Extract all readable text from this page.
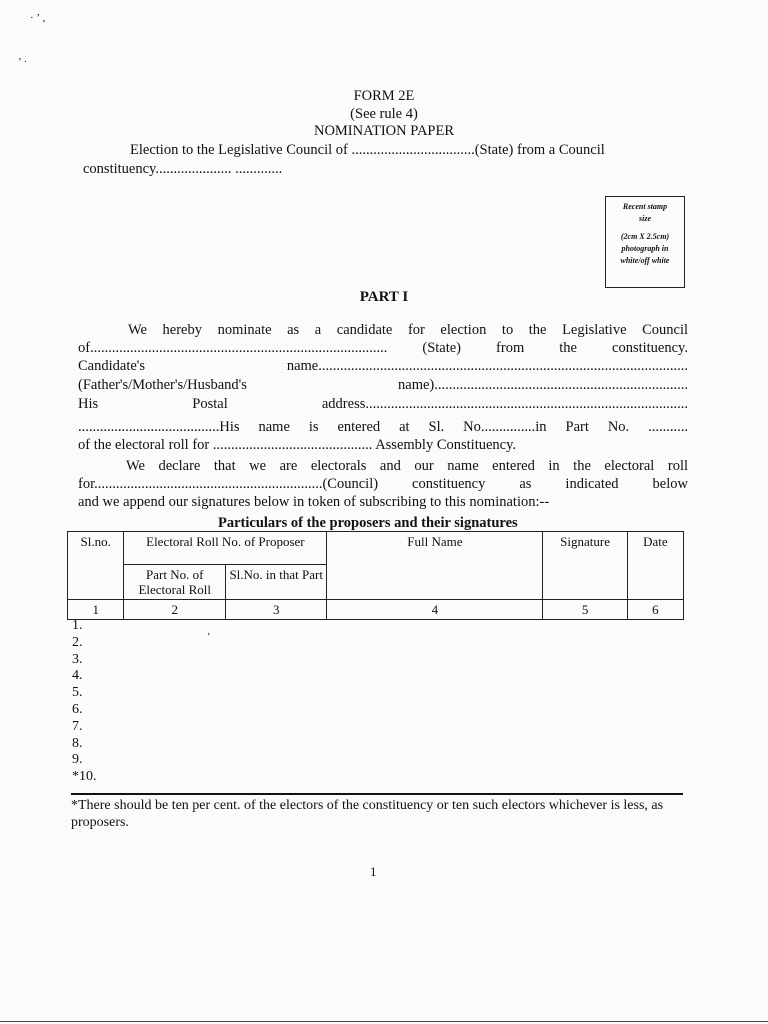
· ’ ‚
’ ·
FORM 2E
(See rule 4)
NOMINATION PAPER
Election to the Legislative Council of ..................................(State) from a Council
constituency..................... .............
Recent stamp size
(2cm X 2.5cm) photograph in white/off white
PART I
We hereby nominate as a candidate for election to the Legislative Council
of.................................................................................. (State) from the constituency.
Candidate's name......................................................................................................
(Father's/Mother's/Husband's name)......................................................................
His Postal address.........................................................................................
.......................................His name is entered at Sl. No...............in Part No. ...........
of the electoral roll for ............................................ Assembly Constituency.
We declare that we are electorals and our name entered in the electoral roll
for...............................................................(Council) constituency as indicated below
and we append our signatures below in token of subscribing to this nomination:--
Particulars of the proposers and their signatures
Sl.no.	Electoral Roll No. of Proposer		Full Name	Signature	Date
	Part No. of Electoral Roll	Sl.No. in that Part			
1	2	3	4	5	6
1.
2.
3.
4.
5.
6.
7.
8.
9.
*10.
’
*There should be ten per cent. of the electors of the constituency or ten such electors whichever is less, as proposers.
1
